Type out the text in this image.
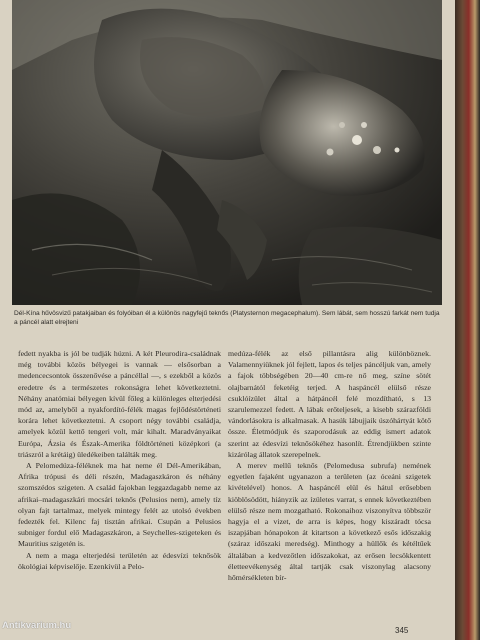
Dél-Kína hűvösvizű patakjaiban és folyóiban él a különös nagyfejű teknős (Platysternon megacephalum). Sem lábát, sem hosszú farkát nem tudja a páncél alatt elrejteni

fedett nyakba is jól be tudják húzni. A két Pleurodira-családnak még további közös bélyegei is vannak — elsősorban a medencecsontok összenővése a páncéllal —, s ezekből a közös eredetre és a természetes rokonságra lehet következtetni. Néhány anatómiai bélyegen kívül főleg a különleges elterjedési mód az, amelyből a nyakfordító-félék magas fejlődéstörténeti korára lehet következtetni. A csoport négy további családja, amelyek közül kettő tengeri volt, már kihalt. Maradványaikat Európa, Ázsia és Észak-Amerika földtörténeti középkori (a triászról a krétáig) üledékeiben találták meg.

A Pelomedúza-féléknek ma hat neme él Dél-Amerikában, Afrika trópusi és déli részén, Madagaszkáron és néhány szomszédos szigeten. A család fajokban leggazdagabb neme az afrikai–madagaszkári mocsári teknős (Pelusios nem), amely tíz olyan fajt tartalmaz, melyek mintegy felét az utolsó években fedezték fel. Kilenc faj tisztán afrikai. Csupán a Pelusios subniger fordul elő Madagaszkáron, a Seychelles-szigeteken és Mauritius szigetén is.

A nem a maga elterjedési területén az édesvízi teknősök ökológiai képviselője. Ezenkívül a Pelo-

medúza-félék az első pillantásra alig különböznek. Valamennyiüknek jól fejlett, lapos és teljes páncéljuk van, amely a fajok többségében 20—40 cm-re nő meg, színe sötét olajbarnától feketéig terjed. A haspáncél elülső része csuklóízület által a hátpáncél felé mozdítható, s 13 szarulemezzel fedett. A lábak erőteljesek, a kisebb szárazföldi vándorlásokra is alkalmasak. A hasúk lábujjaik úszóhártyát kötő össze. Életmódjuk és szaporodásuk az eddig ismert adatok szerint az édesvízi teknősökéhez hasonlít. Étrendjükben szinte kizárólag állatok szerepelnek.

A merev mellű teknős (Pelomedusa subrufa) nemének egyetlen fajaként ugyanazon a területen (az óceáni szigetek kivételével) honos. A haspáncél elül és hátul erősebben kiöblösödött, hiányzik az ízületes varrat, s ennek következtében elülső része nem mozgatható. Rokonaihoz viszonyítva többször hagyja el a vizet, de arra is képes, hogy kiszáradt tócsa iszapjában hónapokon át kitartson a következő esős időszakig (száraz időszaki meredség). Minthogy a hüllők és kétéltűek általában a kedvezőtlen időszakokat, az erősen lecsökkentett életteevékenység által tartják csak viszonylag alacsony hőmérsékleten bír-

345
Antikvarium.hu
